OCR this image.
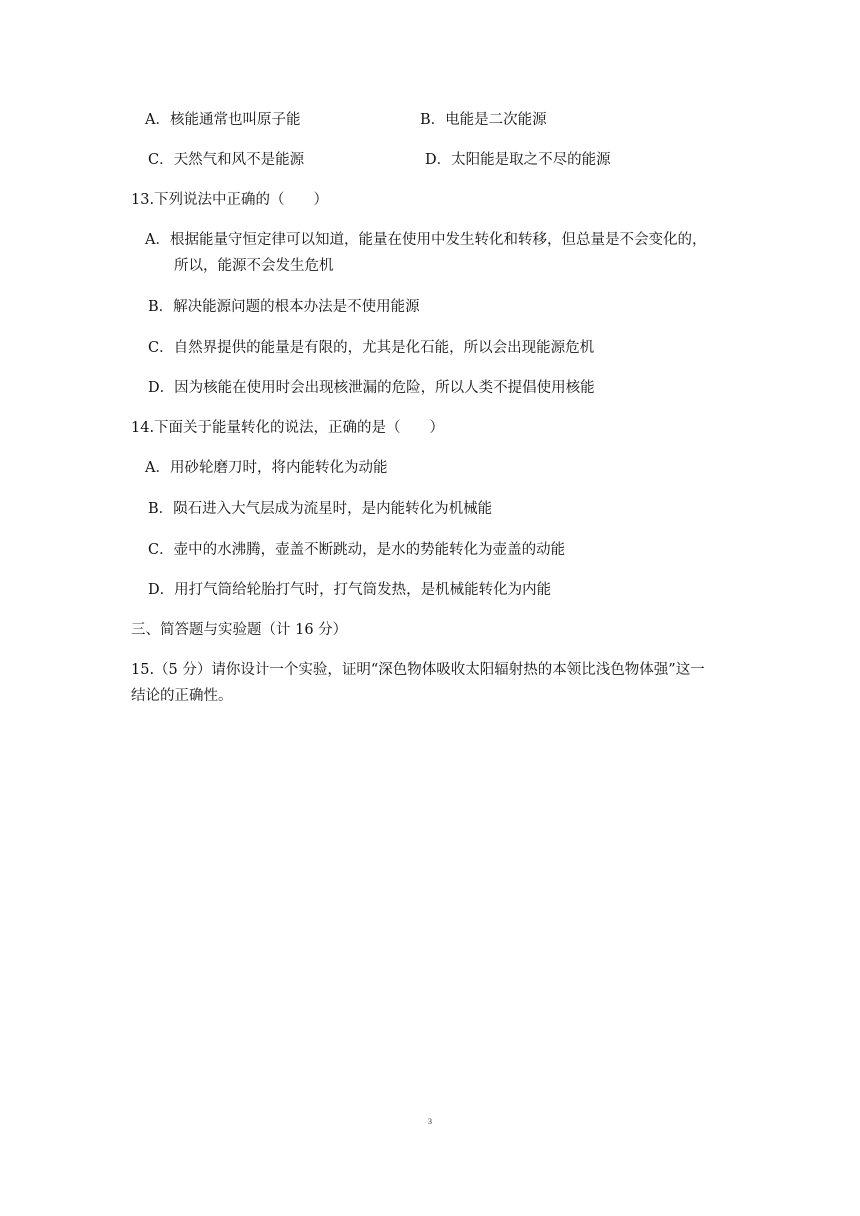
A．核能通常也叫原子能	B．电能是二次能源
C．天然气和风不是能源	D．太阳能是取之不尽的能源
13.下列说法中正确的（　　）
A．根据能量守恒定律可以知道，能量在使用中发生转化和转移，但总量是不会变化的，
所以，能源不会发生危机
B．解决能源问题的根本办法是不使用能源
C．自然界提供的能量是有限的，尤其是化石能，所以会出现能源危机
D．因为核能在使用时会出现核泄漏的危险，所以人类不提倡使用核能
14.下面关于能量转化的说法，正确的是（　　）
A．用砂轮磨刀时，将内能转化为动能
B．陨石进入大气层成为流星时，是内能转化为机械能
C．壶中的水沸腾，壶盖不断跳动，是水的势能转化为壶盖的动能
D．用打气筒给轮胎打气时，打气筒发热，是机械能转化为内能
三、简答题与实验题（计 16 分）
15.（5 分）请你设计一个实验，证明“深色物体吸收太阳辐射热的本领比浅色物体强”这一
结论的正确性。
3
